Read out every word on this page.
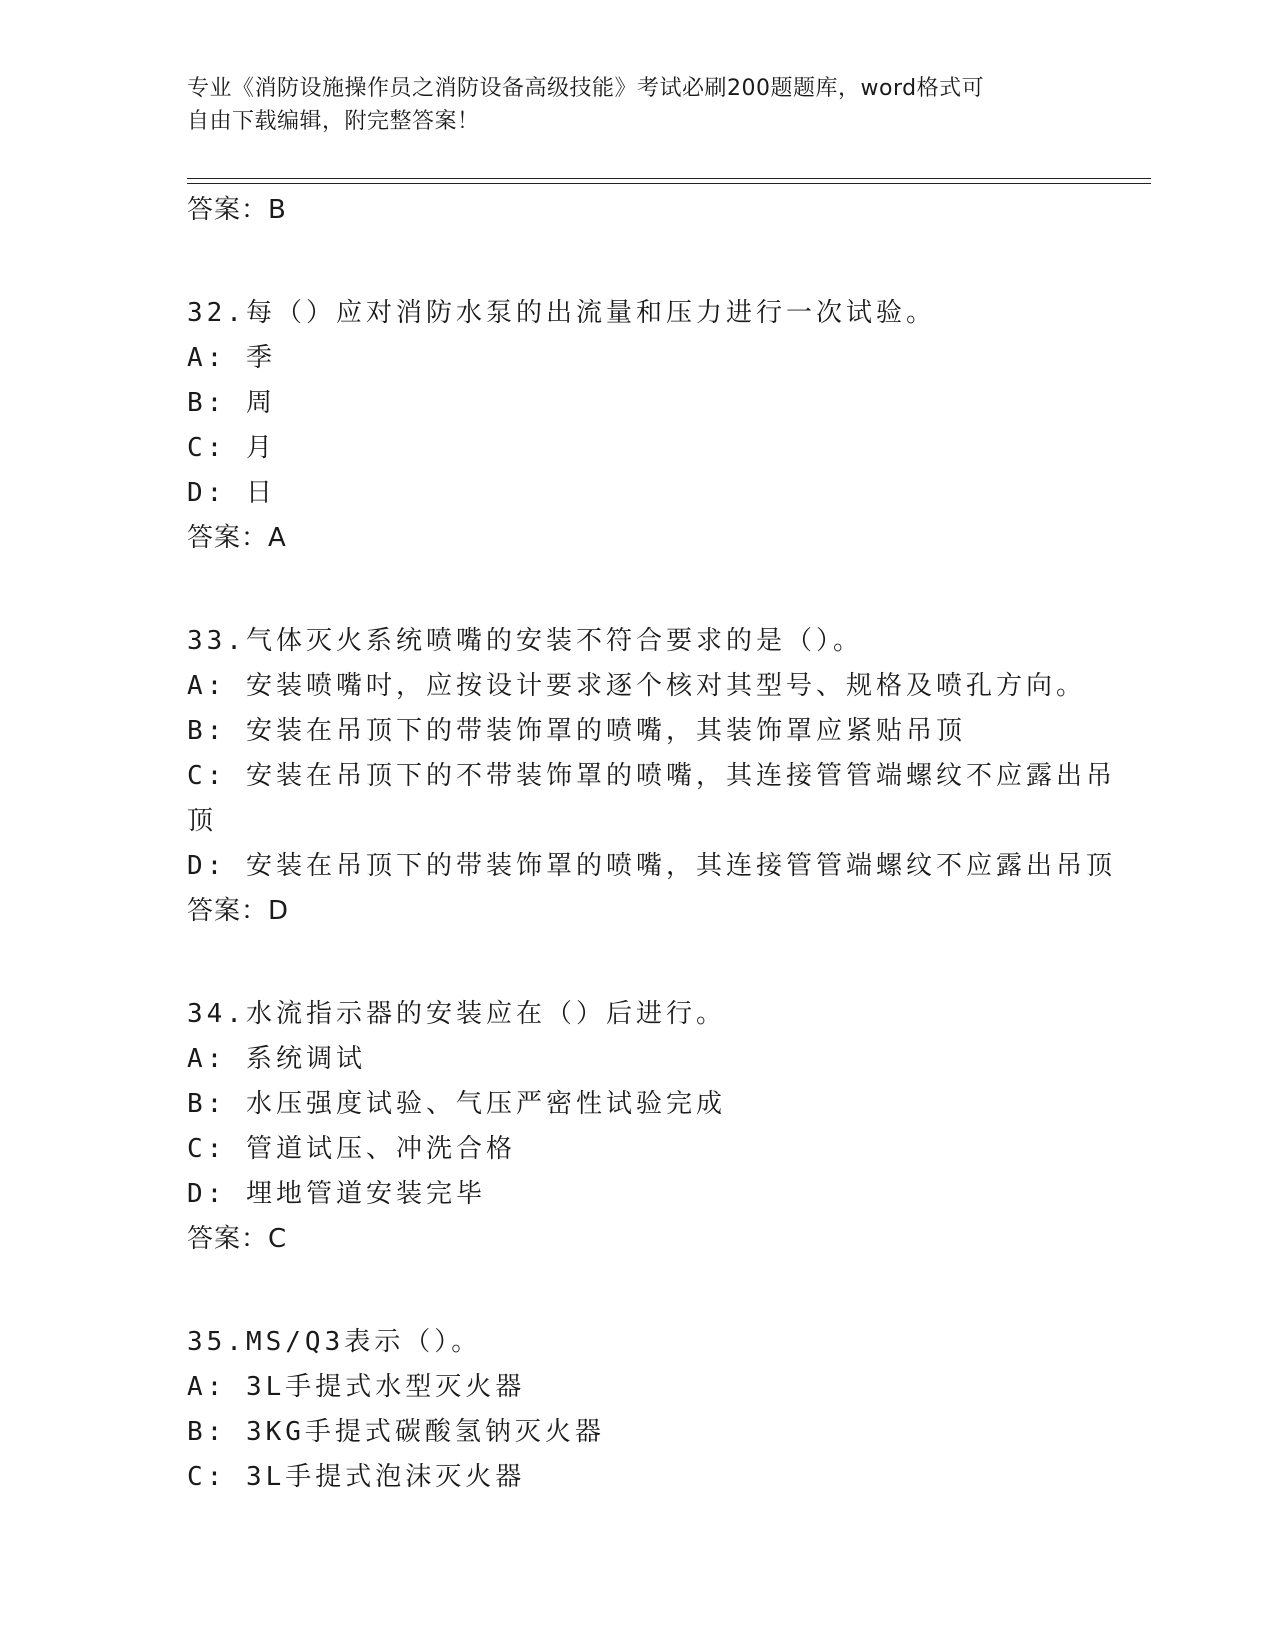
专业《消防设施操作员之消防设备高级技能》考试必刷200题题库，word格式可
自由下载编辑，附完整答案！
答案：B
32.每（）应对消防水泵的出流量和压力进行一次试验。
A: 季
B: 周
C: 月
D: 日
答案：A
33.气体灭火系统喷嘴的安装不符合要求的是（）。
A: 安装喷嘴吋，应按设计要求逐个核对其型号、规格及喷孔方向。
B: 安装在吊顶下的带装饰罩的喷嘴，其装饰罩应紧贴吊顶
C: 安装在吊顶下的不带装饰罩的喷嘴，其连接管管端螺纹不应露出吊
顶
D: 安装在吊顶下的带装饰罩的喷嘴，其连接管管端螺纹不应露出吊顶
答案：D
34.水流指示器的安装应在（）后进行。
A: 系统调试
B: 水压强度试验、气压严密性试验完成
C: 管道试压、冲洗合格
D: 埋地管道安装完毕
答案：C
35.MS/Q3表示（）。
A: 3L手提式水型灭火器
B: 3KG手提式碳酸氢钠灭火器
C: 3L手提式泡沫灭火器
